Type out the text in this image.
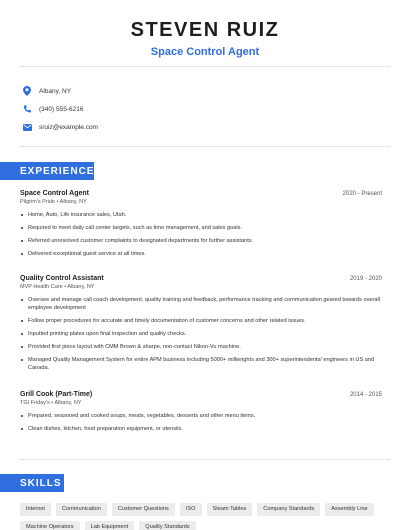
STEVEN RUIZ
Space Control Agent
Albany, NY
(340) 555-6216
sruiz@example.com
EXPERIENCE
Space Control Agent	2020 - Present
Pilgrim's Pride • Albany, NY
Home, Auto, Life insurance sales, Utah.
Required to meet daily call center targets, such as time management, and sales goals.
Referred unresolved customer complaints to designated departments for further assistants.
Delivered exceptional guest service at all times.
Quality Control Assistant	2019 - 2020
MVP Health Care • Albany, NY
Oversee and manage call coach development, quality training and feedback, performance tracking and communication geared towards overall employee development
Follow proper procedures for accurate and timely documentation of customer concerns and other related issues.
Inputted printing plates upon final inspection and quality checks.
Provided first piece layout with CMM Brown & sharpe, non-contact Nikon-Vu machine.
Managed Quality Management System for entire APM business including 5000+ millwrights and 300+ superintendents/ engineers in US and Canada.
Grill Cook (Part-Time)	2014 - 2015
TGI Friday's • Albany, NY
Prepared, seasoned and cooked soups, meats, vegetables, desserts and other menu items.
Clean dishes, kitchen, food preparation equipment, or utensils.
SKILLS
Internet	Communication	Customer Questions	ISO	Steam Tables	Company Standards	Assembly Line
Machine Operators	Lab Equipment	Quality Standards
